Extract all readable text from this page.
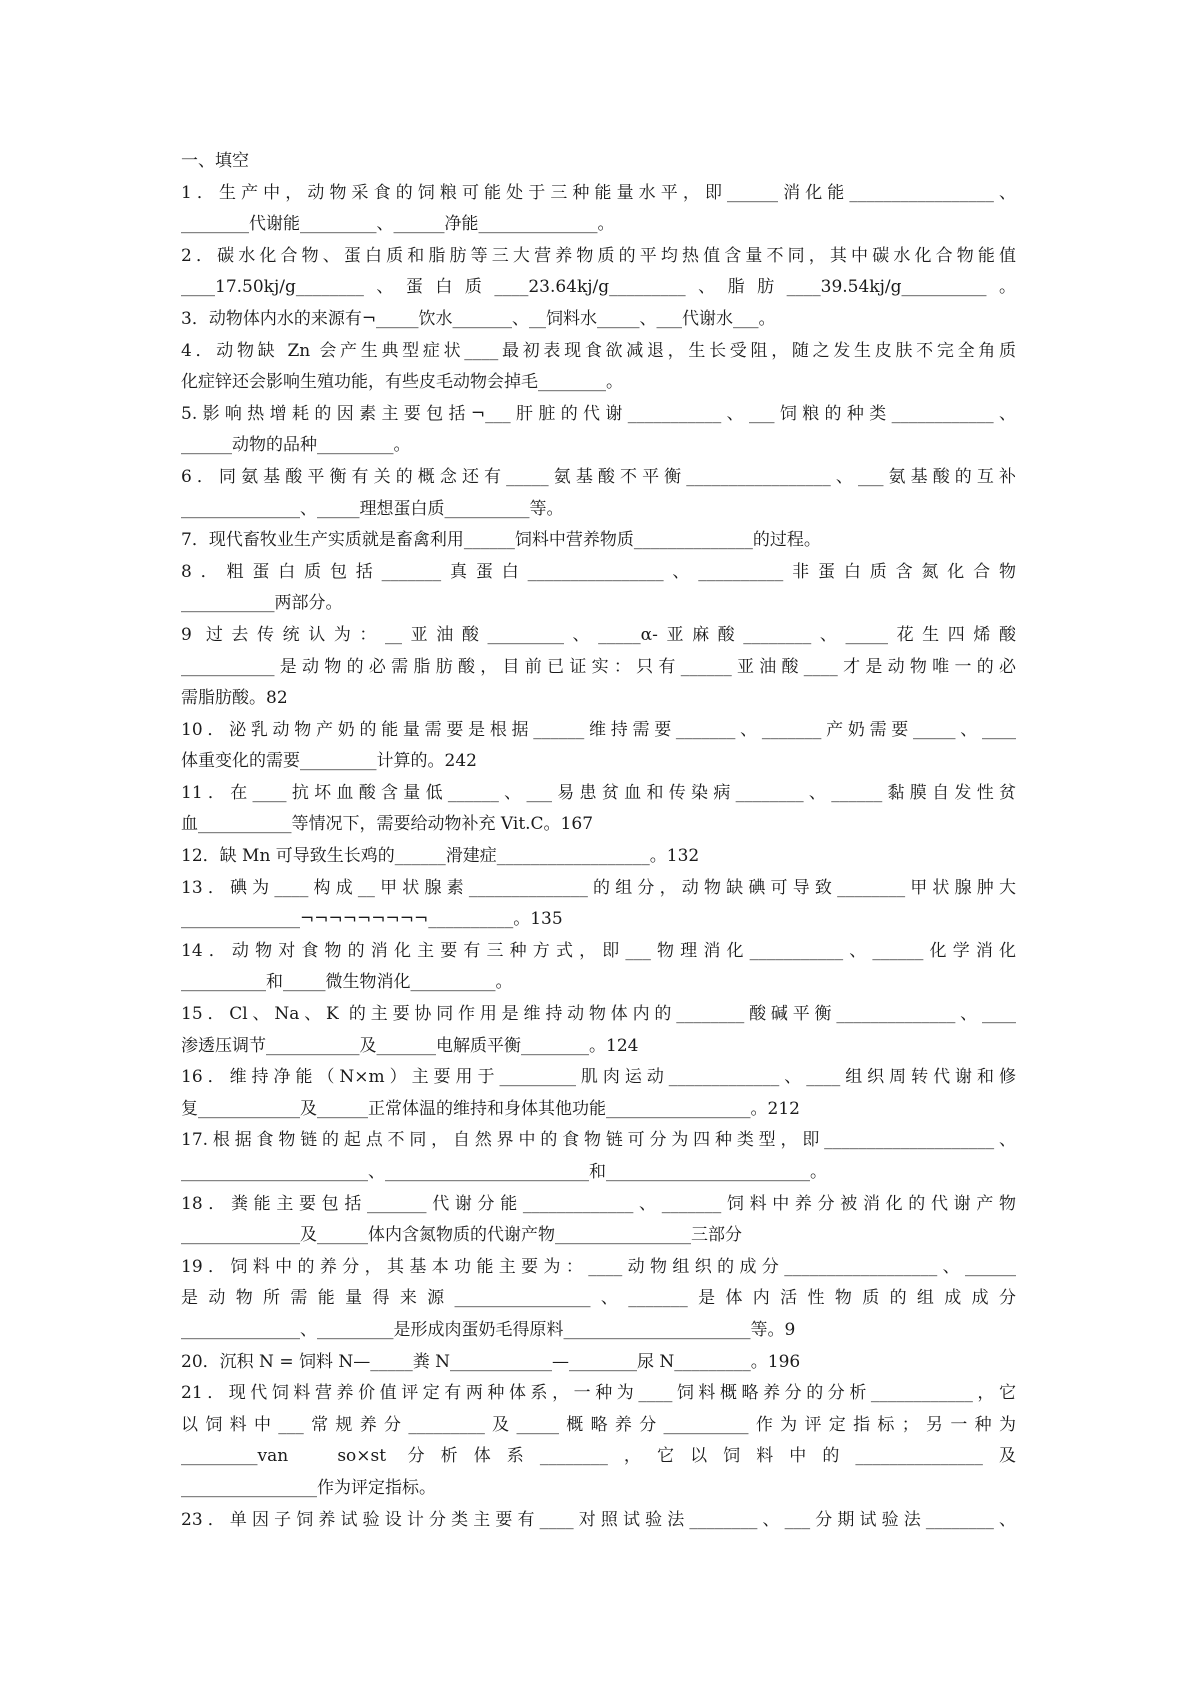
一、填空
1．生产中，动物采食的饲粮可能处于三种能量水平，即______消化能_________________、
________代谢能_________、______净能______________。
2．碳水化合物、蛋白质和脂肪等三大营养物质的平均热值含量不同，其中碳水化合物能值
____17.50kj/g________、蛋白质____23.64kj/g_________、脂肪____39.54kj/g__________。
3．动物体内水的来源有¬_____饮水_______、__饲料水_____、___代谢水___。
4．动物缺 Zn 会产生典型症状____最初表现食欲减退，生长受阻，随之发生皮肤不完全角质
化症锌还会影响生殖功能，有些皮毛动物会掉毛________。
5.影响热增耗的因素主要包括¬___肝脏的代谢___________、___饲粮的种类____________、
______动物的品种_________。
6．同氨基酸平衡有关的概念还有_____氨基酸不平衡_________________、___氨基酸的互补
______________、_____理想蛋白质__________等。
7．现代畜牧业生产实质就是畜禽利用______饲料中营养物质______________的过程。
8．粗蛋白质包括_______真蛋白________________、__________非蛋白质含氮化合物
___________两部分。
9 过去传统认为：__亚油酸_________、_____α-亚麻酸________、_____花生四烯酸
___________是动物的必需脂肪酸，目前已证实：只有______亚油酸____才是动物唯一的必
需脂肪酸。82
10．泌乳动物产奶的能量需要是根据______维持需要_______、_______产奶需要_____、____
体重变化的需要_________计算的。242
11．在____抗坏血酸含量低______、___易患贫血和传染病________、______黏膜自发性贫
血___________等情况下，需要给动物补充 Vit.C。167
12．缺 Mn 可导致生长鸡的______滑建症__________________。132
13．碘为____构成__甲状腺素______________的组分，动物缺碘可导致________甲状腺肿大
______________¬¬¬¬¬¬¬¬¬__________。135
14．动物对食物的消化主要有三种方式，即___物理消化___________、______化学消化
__________和_____微生物消化__________。
15．Cl、Na、K 的主要协同作用是维持动物体内的________酸碱平衡______________、____
渗透压调节___________及_______电解质平衡________。124
16．维持净能（N×m）主要用于_________肌肉运动_____________、____组织周转代谢和修
复____________及______正常体温的维持和身体其他功能_________________。212
17.根据食物链的起点不同，自然界中的食物链可分为四种类型，即____________________、
______________________、________________________和________________________。
18．粪能主要包括_______代谢分能_____________、_______饲料中养分被消化的代谢产物
______________及______体内含氮物质的代谢产物________________三部分
19．饲料中的养分，其基本功能主要为：____动物组织的成分__________________、______
是动物所需能量得来源________________、_______是体内活性物质的组成成分
______________、_________是形成肉蛋奶毛得原料______________________等。9
20．沉积 N = 饲料 N—_____粪 N____________—________尿 N_________。196
21．现代饲料营养价值评定有两种体系，一种为____饲料概略养分的分析____________，它
以饲料中___常规养分_________及_____概略养分__________作为评定指标；另一种为
_________van　so×st 分析体系________，它以饲料中的_______________及
________________作为评定指标。
23．单因子饲养试验设计分类主要有____对照试验法________、___分期试验法________、
